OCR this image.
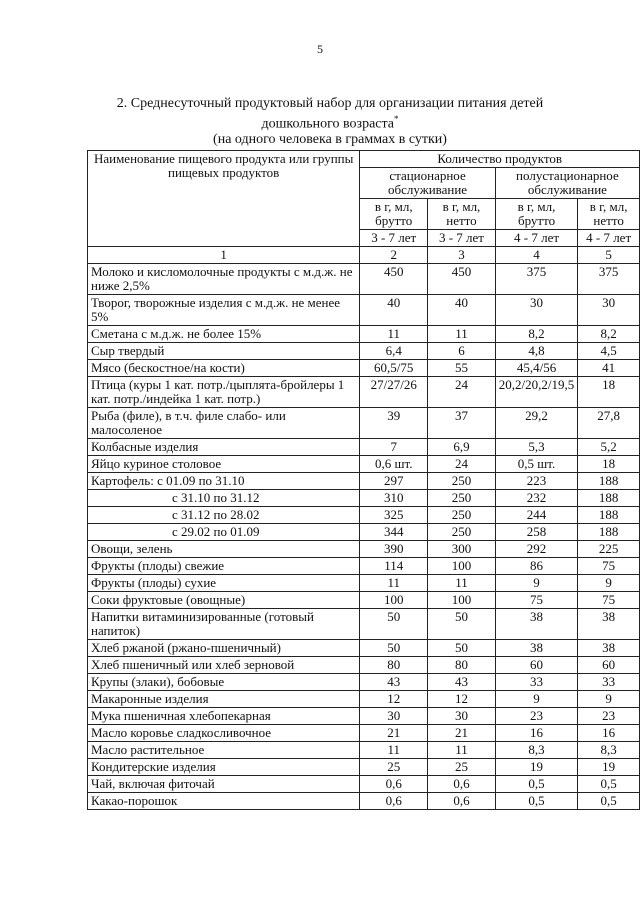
5
2. Среднесуточный продуктовый набор для организации питания детей
дошкольного возраста*
(на одного человека в граммах в сутки)
Наименование пищевого продукта или группы пищевых продуктов	Количество продуктов			
	стационарное обслуживание		полустационарное обслуживание	
	в г, мл, брутто	в г, мл, нетто	в г, мл, брутто	в г, мл, нетто
	3 - 7 лет	3 - 7 лет	4 - 7 лет	4 - 7 лет
1	2	3	4	5
Молоко и кисломолочные продукты с м.д.ж. не ниже 2,5%	450	450	375	375
Творог, творожные изделия с м.д.ж. не менее 5%	40	40	30	30
Сметана с м.д.ж. не более 15%	11	11	8,2	8,2
Сыр твердый	6,4	6	4,8	4,5
Мясо (бескостное/на кости)	60,5/75	55	45,4/56	41
Птица (куры 1 кат. потр./цыплята-бройлеры 1 кат. потр./индейка 1 кат. потр.)	27/27/26	24	20,2/20,2/19,5	18
Рыба (филе), в т.ч. филе слабо- или малосоленое	39	37	29,2	27,8
Колбасные изделия	7	6,9	5,3	5,2
Яйцо куриное столовое	0,6 шт.	24	0,5 шт.	18
Картофель: с 01.09 по 31.10	297	250	223	188
с 31.10 по 31.12	310	250	232	188
с 31.12 по 28.02	325	250	244	188
с 29.02 по 01.09	344	250	258	188
Овощи, зелень	390	300	292	225
Фрукты (плоды) свежие	114	100	86	75
Фрукты (плоды) сухие	11	11	9	9
Соки фруктовые (овощные)	100	100	75	75
Напитки витаминизированные (готовый напиток)	50	50	38	38
Хлеб ржаной (ржано-пшеничный)	50	50	38	38
Хлеб пшеничный или хлеб зерновой	80	80	60	60
Крупы (злаки), бобовые	43	43	33	33
Макаронные изделия	12	12	9	9
Мука пшеничная хлебопекарная	30	30	23	23
Масло коровье сладкосливочное	21	21	16	16
Масло растительное	11	11	8,3	8,3
Кондитерские изделия	25	25	19	19
Чай, включая фиточай	0,6	0,6	0,5	0,5
Какао-порошок	0,6	0,6	0,5	0,5
